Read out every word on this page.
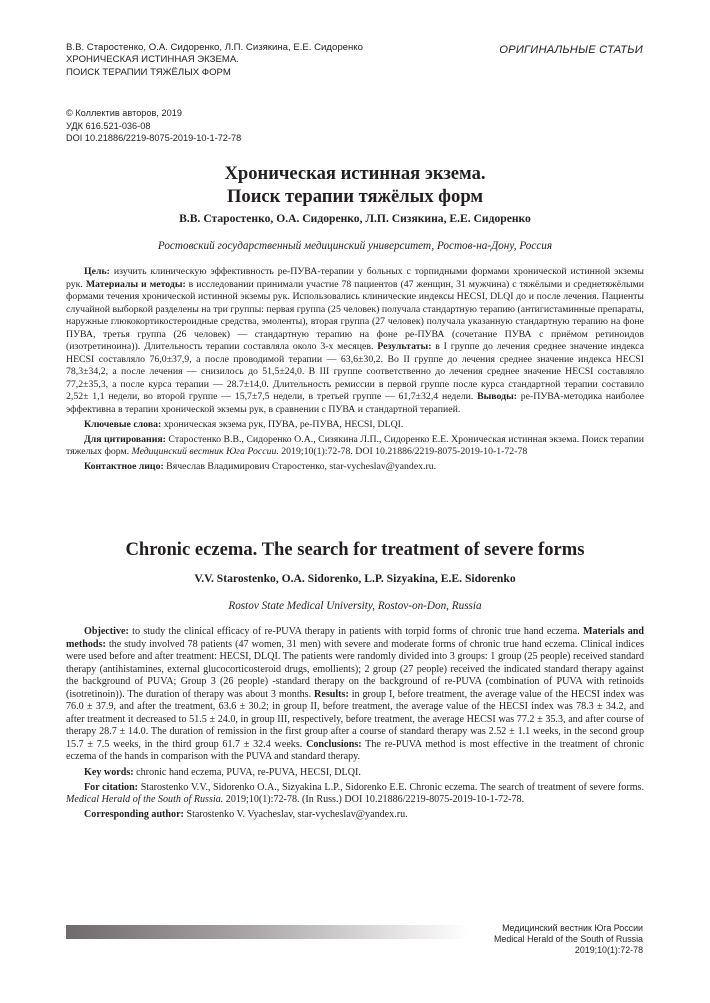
В.В. Старостенко, О.А. Сидоренко, Л.П. Сизякина, Е.Е. Сидоренко
ХРОНИЧЕСКАЯ ИСТИННАЯ ЭКЗЕМА.
ПОИСК ТЕРАПИИ ТЯЖЁЛЫХ ФОРМ
ОРИГИНАЛЬНЫЕ СТАТЬИ
© Коллектив авторов, 2019
УДК 616.521-036-08
DOI 10.21886/2219-8075-2019-10-1-72-78
Хроническая истинная экзема.
Поиск терапии тяжёлых форм
В.В. Старостенко, О.А. Сидоренко, Л.П. Сизякина, Е.Е. Сидоренко
Ростовский государственный медицинский университет, Ростов-на-Дону, Россия

Цель: изучить клиническую эффективность ре-ПУВА-терапии у больных с торпидными формами хронической истинной экземы рук. Материалы и методы: в исследовании принимали участие 78 пациентов (47 женщин, 31 мужчина) с тяжёлыми и среднетяжёлыми формами течения хронической истинной экземы рук. Использовались клинические индексы HECSI, DLQI до и после лечения. Пациенты случайной выборкой разделены на три группы: первая группа (25 человек) получала стандартную терапию (антигистаминные препараты, наружные глюкокортикостероидные средства, эмоленты), вторая группа (27 человек) получала указанную стандартную терапию на фоне ПУВА, третья группа (26 человек) — стандартную терапию на фоне ре-ПУВА (сочетание ПУВА с приёмом ретиноидов (изотретиноина)). Длительность терапии составляла около 3-х месяцев. Результаты: в I группе до лечения среднее значение индекса HECSI составляло 76,0±37,9, а после проводимой терапии — 63,6±30,2. Во II группе до лечения среднее значение индекса HECSI 78,3±34,2, а после лечения — снизилось до 51,5±24,0. В III группе соответственно до лечения среднее значение HECSI составляло 77,2±35,3, а после курса терапии — 28.7±14,0. Длительность ремиссии в первой группе после курса стандартной терапии составило 2,52± 1,1 недели, во второй группе — 15,7±7,5 недели, в третьей группе — 61,7±32,4 недели. Выводы: ре-ПУВА-методика наиболее эффективна в терапии хронической экземы рук, в сравнении с ПУВА и стандартной терапией.

Ключевые слова: хроническая экзема рук, ПУВА, ре-ПУВА, HECSI, DLQI.

Для цитирования: Старостенко В.В., Сидоренко О.А., Сизякина Л.П., Сидоренко Е.Е. Хроническая истинная экзема. Поиск терапии тяжелых форм. Медицинский вестник Юга России. 2019;10(1):72-78. DOI 10.21886/2219-8075-2019-10-1-72-78

Контактное лицо: Вячеслав Владимирович Старостенко, star-vycheslav@yandex.ru.

Chronic eczema. The search for treatment of severe forms
V.V. Starostenko, O.A. Sidorenko, L.P. Sizyakina, E.E. Sidorenko
Rostov State Medical University, Rostov-on-Don, Russia

Objective: to study the clinical efficacy of re-PUVA therapy in patients with torpid forms of chronic true hand eczema. Materials and methods: the study involved 78 patients (47 women, 31 men) with severe and moderate forms of chronic true hand eczema. Clinical indices were used before and after treatment: HECSI, DLQI. The patients were randomly divided into 3 groups: 1 group (25 people) received standard therapy (antihistamines, external glucocorticosteroid drugs, emollients); 2 group (27 people) received the indicated standard therapy against the background of PUVA; Group 3 (26 people) -standard therapy on the background of re-PUVA (combination of PUVA with retinoids (isotretinoin)). The duration of therapy was about 3 months. Results: in group I, before treatment, the average value of the HECSI index was 76.0 ± 37.9, and after the treatment, 63.6 ± 30.2; in group II, before treatment, the average value of the HECSI index was 78.3 ± 34.2, and after treatment it decreased to 51.5 ± 24.0, in group III, respectively, before treatment, the average HECSI was 77.2 ± 35.3, and after course of therapy 28.7 ± 14.0. The duration of remission in the first group after a course of standard therapy was 2.52 ± 1.1 weeks, in the second group 15.7 ± 7.5 weeks, in the third group 61.7 ± 32.4 weeks. Conclusions: The re-PUVA method is most effective in the treatment of chronic eczema of the hands in comparison with the PUVA and standard therapy.

Key words: chronic hand eczema, PUVA, re-PUVA, HECSI, DLQI.

For citation: Starostenko V.V., Sidorenko O.A., Sizyakina L.P., Sidorenko E.E. Chronic eczema. The search of treatment of severe forms. Medical Herald of the South of Russia. 2019;10(1):72-78. (In Russ.) DOI 10.21886/2219-8075-2019-10-1-72-78.

Corresponding author: Starostenko V. Vyacheslav, star-vycheslav@yandex.ru.

Медицинский вестник Юга России
Medical Herald of the South of Russia
2019;10(1):72-78
